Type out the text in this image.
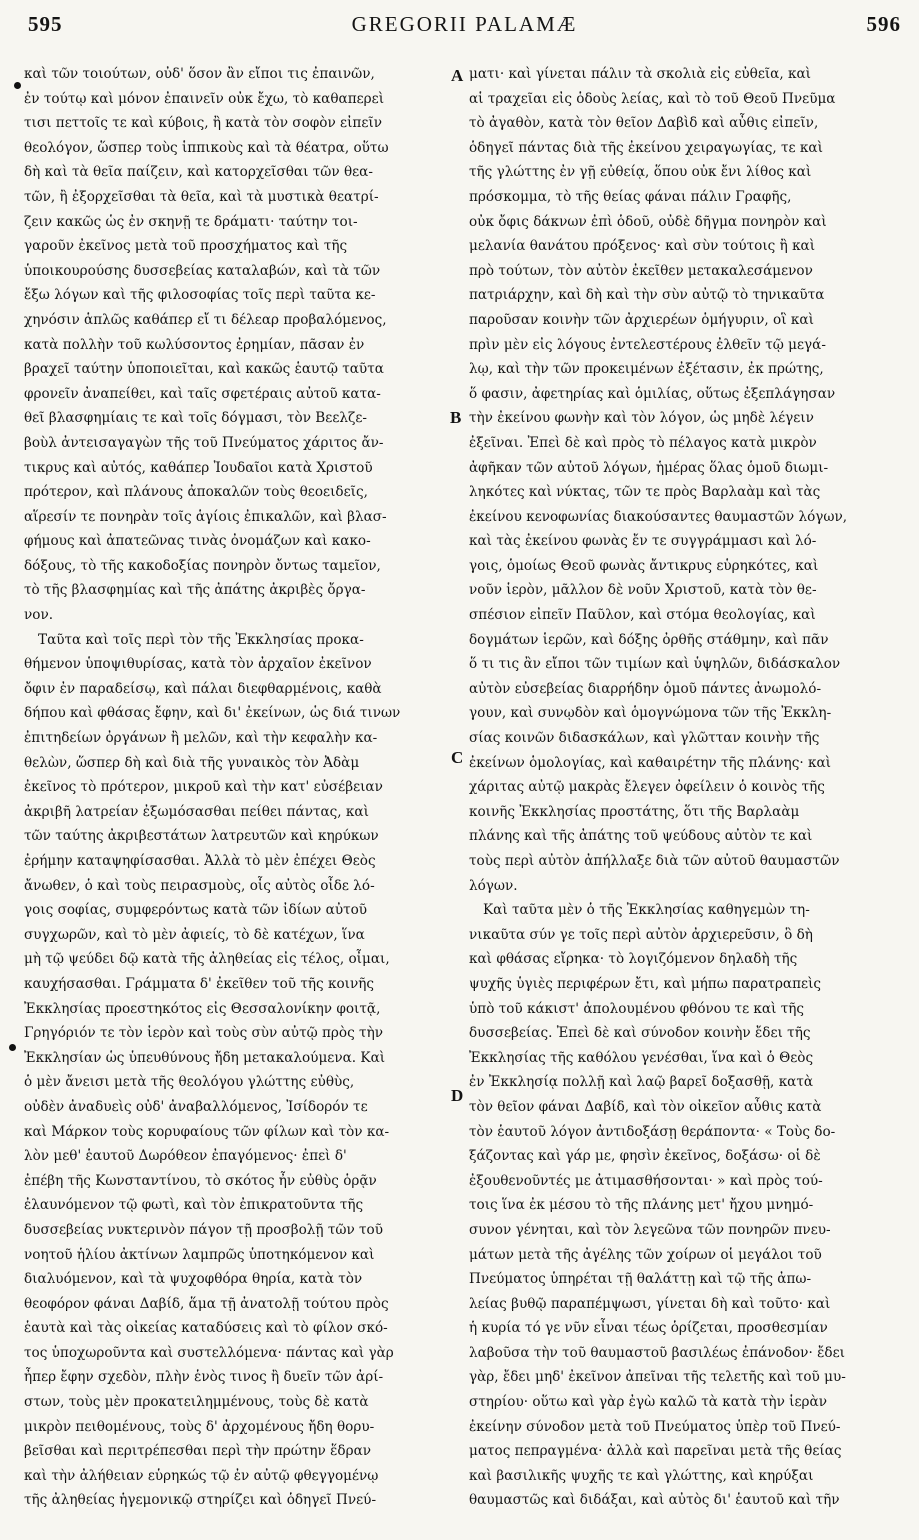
595	GREGORII PALAMÆ	596

καὶ τῶν τοιούτων, οὐδ' ὅσον ἂν εἴποι τις ἐπαινῶν,

ἐν τούτῳ καὶ μόνον ἐπαινεῖν οὐκ ἔχω, τὸ καθαπερεὶ

τισι πεττοῖς τε καὶ κύβοις, ἢ κατὰ τὸν σοφὸν εἰπεῖν

θεολόγον, ὥσπερ τοὺς ἱππικοὺς καὶ τὰ θέατρα, οὕτω

δὴ καὶ τὰ θεῖα παίζειν, καὶ κατορχεῖσθαι τῶν θεα-

τῶν, ἢ ἐξορχεῖσθαι τὰ θεῖα, καὶ τὰ μυστικὰ θεατρί-

ζειν κακῶς ὡς ἐν σκηνῇ τε δράματι· ταύτην τοι-

γαροῦν ἐκεῖνος μετὰ τοῦ προσχήματος καὶ τῆς

ὑποικουρούσης δυσσεβείας καταλαβών, καὶ τὰ τῶν

ἔξω λόγων καὶ τῆς φιλοσοφίας τοῖς περὶ ταῦτα κε-

χηνόσιν ἁπλῶς καθάπερ εἴ τι δέλεαρ προβαλόμενος,

κατὰ πολλὴν τοῦ κωλύσοντος ἐρημίαν, πᾶσαν ἐν

βραχεῖ ταύτην ὑποποιεῖται, καὶ κακῶς ἑαυτῷ ταῦτα

φρονεῖν ἀναπείθει, καὶ ταῖς σφετέραις αὐτοῦ κατα-

θεῖ βλασφημίαις τε καὶ τοῖς δόγμασι, τὸν Βεελζε-

βοὺλ ἀντεισαγαγὼν τῆς τοῦ Πνεύματος χάριτος ἄν-

τικρυς καὶ αὐτός, καθάπερ Ἰουδαῖοι κατὰ Χριστοῦ

πρότερον, καὶ πλάνους ἀποκαλῶν τοὺς θεοειδεῖς,

αἵρεσίν τε πονηρὰν τοῖς ἁγίοις ἐπικαλῶν, καὶ βλασ-

φήμους καὶ ἀπατεῶνας τινὰς ὀνομάζων καὶ κακο-

δόξους, τὸ τῆς κακοδοξίας πονηρὸν ὄντως ταμεῖον,

τὸ τῆς βλασφημίας καὶ τῆς ἀπάτης ἀκριβὲς ὄργα-

νον.

Ταῦτα καὶ τοῖς περὶ τὸν τῆς Ἐκκλησίας προκα-

θήμενον ὑποψιθυρίσας, κατὰ τὸν ἀρχαῖον ἐκεῖνον

ὄφιν ἐν παραδείσῳ, καὶ πάλαι διεφθαρμένοις, καθὰ

δήπου καὶ φθάσας ἔφην, καὶ δι' ἐκείνων, ὡς διά τινων

ἐπιτηδείων ὀργάνων ἢ μελῶν, καὶ τὴν κεφαλὴν κα-

θελὼν, ὥσπερ δὴ καὶ διὰ τῆς γυναικὸς τὸν Ἀδὰμ

ἐκεῖνος τὸ πρότερον, μικροῦ καὶ τὴν κατ' εὐσέβειαν

ἀκριβῆ λατρείαν ἐξωμόσασθαι πείθει πάντας, καὶ

τῶν ταύτης ἀκριβεστάτων λατρευτῶν καὶ κηρύκων

ἐρήμην καταψηφίσασθαι. Ἀλλὰ τὸ μὲν ἐπέχει Θεὸς

ἄνωθεν, ὁ καὶ τοὺς πειρασμοὺς, οἷς αὐτὸς οἶδε λό-

γοις σοφίας, συμφερόντως κατὰ τῶν ἰδίων αὐτοῦ

συγχωρῶν, καὶ τὸ μὲν ἀφιείς, τὸ δὲ κατέχων, ἵνα

μὴ τῷ ψεύδει δῷ κατὰ τῆς ἀληθείας εἰς τέλος, οἶμαι,

καυχήσασθαι. Γράμματα δ' ἐκεῖθεν τοῦ τῆς κοινῆς

Ἐκκλησίας προεστηκότος εἰς Θεσσαλονίκην φοιτᾷ,

Γρηγόριόν τε τὸν ἱερὸν καὶ τοὺς σὺν αὐτῷ πρὸς τὴν

Ἐκκλησίαν ὡς ὑπευθύνους ἤδη μετακαλούμενα. Καὶ

ὁ μὲν ἄνεισι μετὰ τῆς θεολόγου γλώττης εὐθὺς,

οὐδὲν ἀναδυεὶς οὐδ' ἀναβαλλόμενος, Ἰσίδορόν τε

καὶ Μάρκον τοὺς κορυφαίους τῶν φίλων καὶ τὸν κα-

λὸν μεθ' ἑαυτοῦ Δωρόθεον ἐπαγόμενος· ἐπεὶ δ'

ἐπέβη τῆς Κωνσταντίνου, τὸ σκότος ἦν εὐθὺς ὁρᾷν

ἐλαυνόμενον τῷ φωτὶ, καὶ τὸν ἐπικρατοῦντα τῆς

δυσσεβείας νυκτερινὸν πάγον τῇ προσβολῇ τῶν τοῦ

νοητοῦ ἡλίου ἀκτίνων λαμπρῶς ὑποτηκόμενον καὶ

διαλυόμενον, καὶ τὰ ψυχοφθόρα θηρία, κατὰ τὸν

θεοφόρον φάναι Δαβίδ, ἅμα τῇ ἀνατολῇ τούτου πρὸς

ἑαυτὰ καὶ τὰς οἰκείας καταδύσεις καὶ τὸ φίλον σκό-

τος ὑποχωροῦντα καὶ συστελλόμενα· πάντας καὶ γὰρ

ἦπερ ἔφην σχεδὸν, πλὴν ἑνὸς τινος ἢ δυεῖν τῶν ἀρί-

στων, τοὺς μὲν προκατειλημμένους, τοὺς δὲ κατὰ

μικρὸν πειθομένους, τοὺς δ' ἀρχομένους ἤδη θορυ-

βεῖσθαι καὶ περιτρέπεσθαι περὶ τὴν πρώτην ἕδραν

καὶ τὴν ἀλήθειαν εὑρηκώς τῷ ἐν αὐτῷ φθεγγομένῳ

τῆς ἀληθείας ἡγεμονικῷ στηρίζει καὶ ὁδηγεῖ Πνεύ-

ματι· καὶ γίνεται πάλιν τὰ σκολιὰ εἰς εὐθεῖα, καὶ

αἱ τραχεῖαι εἰς ὁδοὺς λείας, καὶ τὸ τοῦ Θεοῦ Πνεῦμα

τὸ ἀγαθὸν, κατὰ τὸν θεῖον Δαβὶδ καὶ αὖθις εἰπεῖν,

ὁδηγεῖ πάντας διὰ τῆς ἐκείνου χειραγωγίας, τε καὶ

τῆς γλώττης ἐν γῇ εὐθείᾳ, ὅπου οὐκ ἔνι λίθος καὶ

πρόσκομμα, τὸ τῆς θείας φάναι πάλιν Γραφῆς,

οὐκ ὄφις δάκνων ἐπὶ ὁδοῦ, οὐδὲ δῆγμα πονηρὸν καὶ

μελανία θανάτου πρόξενος· καὶ σὺν τούτοις ἢ καὶ

πρὸ τούτων, τὸν αὐτὸν ἐκεῖθεν μετακαλεσάμενον

πατριάρχην, καὶ δὴ καὶ τὴν σὺν αὐτῷ τὸ τηνικαῦτα

παροῦσαν κοινὴν τῶν ἀρχιερέων ὁμήγυριν, οἳ καὶ

πρὶν μὲν εἰς λόγους ἐντελεστέρους ἐλθεῖν τῷ μεγά-

λῳ, καὶ τὴν τῶν προκειμένων ἐξέτασιν, ἐκ πρώτης,

ὅ φασιν, ἀφετηρίας καὶ ὁμιλίας, οὕτως ἐξεπλάγησαν

τὴν ἐκείνου φωνὴν καὶ τὸν λόγον, ὡς μηδὲ λέγειν

ἐξεῖναι. Ἐπεὶ δὲ καὶ πρὸς τὸ πέλαγος κατὰ μικρὸν

ἀφῆκαν τῶν αὐτοῦ λόγων, ἡμέρας ὅλας ὁμοῦ διωμι-

ληκότες καὶ νύκτας, τῶν τε πρὸς Βαρλαὰμ καὶ τὰς

ἐκείνου κενοφωνίας διακούσαντες θαυμαστῶν λόγων,

καὶ τὰς ἐκείνου φωνὰς ἔν τε συγγράμμασι καὶ λό-

γοις, ὁμοίως Θεοῦ φωνὰς ἄντικρυς εὑρηκότες, καὶ

νοῦν ἱερὸν, μᾶλλον δὲ νοῦν Χριστοῦ, κατὰ τὸν θε-

σπέσιον εἰπεῖν Παῦλον, καὶ στόμα θεολογίας, καὶ

δογμάτων ἱερῶν, καὶ δόξης ὀρθῆς στάθμην, καὶ πᾶν

ὅ τι τις ἂν εἴποι τῶν τιμίων καὶ ὑψηλῶν, διδάσκαλον

αὐτὸν εὐσεβείας διαρρήδην ὁμοῦ πάντες ἀνωμολό-

γουν, καὶ συνῳδὸν καὶ ὁμογνώμονα τῶν τῆς Ἐκκλη-

σίας κοινῶν διδασκάλων, καὶ γλῶτταν κοινὴν τῆς

ἐκείνων ὁμολογίας, καὶ καθαιρέτην τῆς πλάνης· καὶ

χάριτας αὐτῷ μακρὰς ἔλεγεν ὀφείλειν ὁ κοινὸς τῆς

κοινῆς Ἐκκλησίας προστάτης, ὅτι τῆς Βαρλαὰμ

πλάνης καὶ τῆς ἀπάτης τοῦ ψεύδους αὐτὸν τε καὶ

τοὺς περὶ αὐτὸν ἀπήλλαξε διὰ τῶν αὐτοῦ θαυμαστῶν

λόγων.

Καὶ ταῦτα μὲν ὁ τῆς Ἐκκλησίας καθηγεμὼν τη-

νικαῦτα σύν γε τοῖς περὶ αὐτὸν ἀρχιερεῦσιν, ὃ δὴ

καὶ φθάσας εἴρηκα· τὸ λογιζόμενον δηλαδὴ τῆς

ψυχῆς ὑγιὲς περιφέρων ἔτι, καὶ μήπω παρατραπεὶς

ὑπὸ τοῦ κάκιστ' ἀπολουμένου φθόνου τε καὶ τῆς

δυσσεβείας. Ἐπεὶ δὲ καὶ σύνοδον κοινὴν ἔδει τῆς

Ἐκκλησίας τῆς καθόλου γενέσθαι, ἵνα καὶ ὁ Θεὸς

ἐν Ἐκκλησίᾳ πολλῇ καὶ λαῷ βαρεῖ δοξασθῇ, κατὰ

τὸν θεῖον φάναι Δαβίδ, καὶ τὸν οἰκεῖον αὖθις κατὰ

τὸν ἑαυτοῦ λόγον ἀντιδοξάσῃ θεράποντα· « Τοὺς δο-

ξάζοντας καὶ γάρ με, φησὶν ἐκεῖνος, δοξάσω· οἱ δὲ

ἐξουθενοῦντές με ἀτιμασθήσονται· » καὶ πρὸς τού-

τοις ἵνα ἐκ μέσου τὸ τῆς πλάνης μετ' ἤχου μνημό-

συνον γένηται, καὶ τὸν λεγεῶνα τῶν πονηρῶν πνευ-

μάτων μετὰ τῆς ἀγέλης τῶν χοίρων οἱ μεγάλοι τοῦ

Πνεύματος ὑπηρέται τῇ θαλάττῃ καὶ τῷ τῆς ἀπω-

λείας βυθῷ παραπέμψωσι, γίνεται δὴ καὶ τοῦτο· καὶ

ἡ κυρία τό γε νῦν εἶναι τέως ὁρίζεται, προσθεσμίαν

λαβοῦσα τὴν τοῦ θαυμαστοῦ βασιλέως ἐπάνοδον· ἔδει

γὰρ, ἔδει μηδ' ἐκεῖνον ἀπεῖναι τῆς τελετῆς καὶ τοῦ μυ-

στηρίου· οὕτω καὶ γὰρ ἐγὼ καλῶ τὰ κατὰ τὴν ἱερὰν

ἐκείνην σύνοδον μετὰ τοῦ Πνεύματος ὑπὲρ τοῦ Πνεύ-

ματος πεπραγμένα· ἀλλὰ καὶ παρεῖναι μετὰ τῆς θείας

καὶ βασιλικῆς ψυχῆς τε καὶ γλώττης, καὶ κηρύξαι

θαυμαστῶς καὶ διδάξαι, καὶ αὐτὸς δι' ἑαυτοῦ καὶ τῆν

A
B
C
D
